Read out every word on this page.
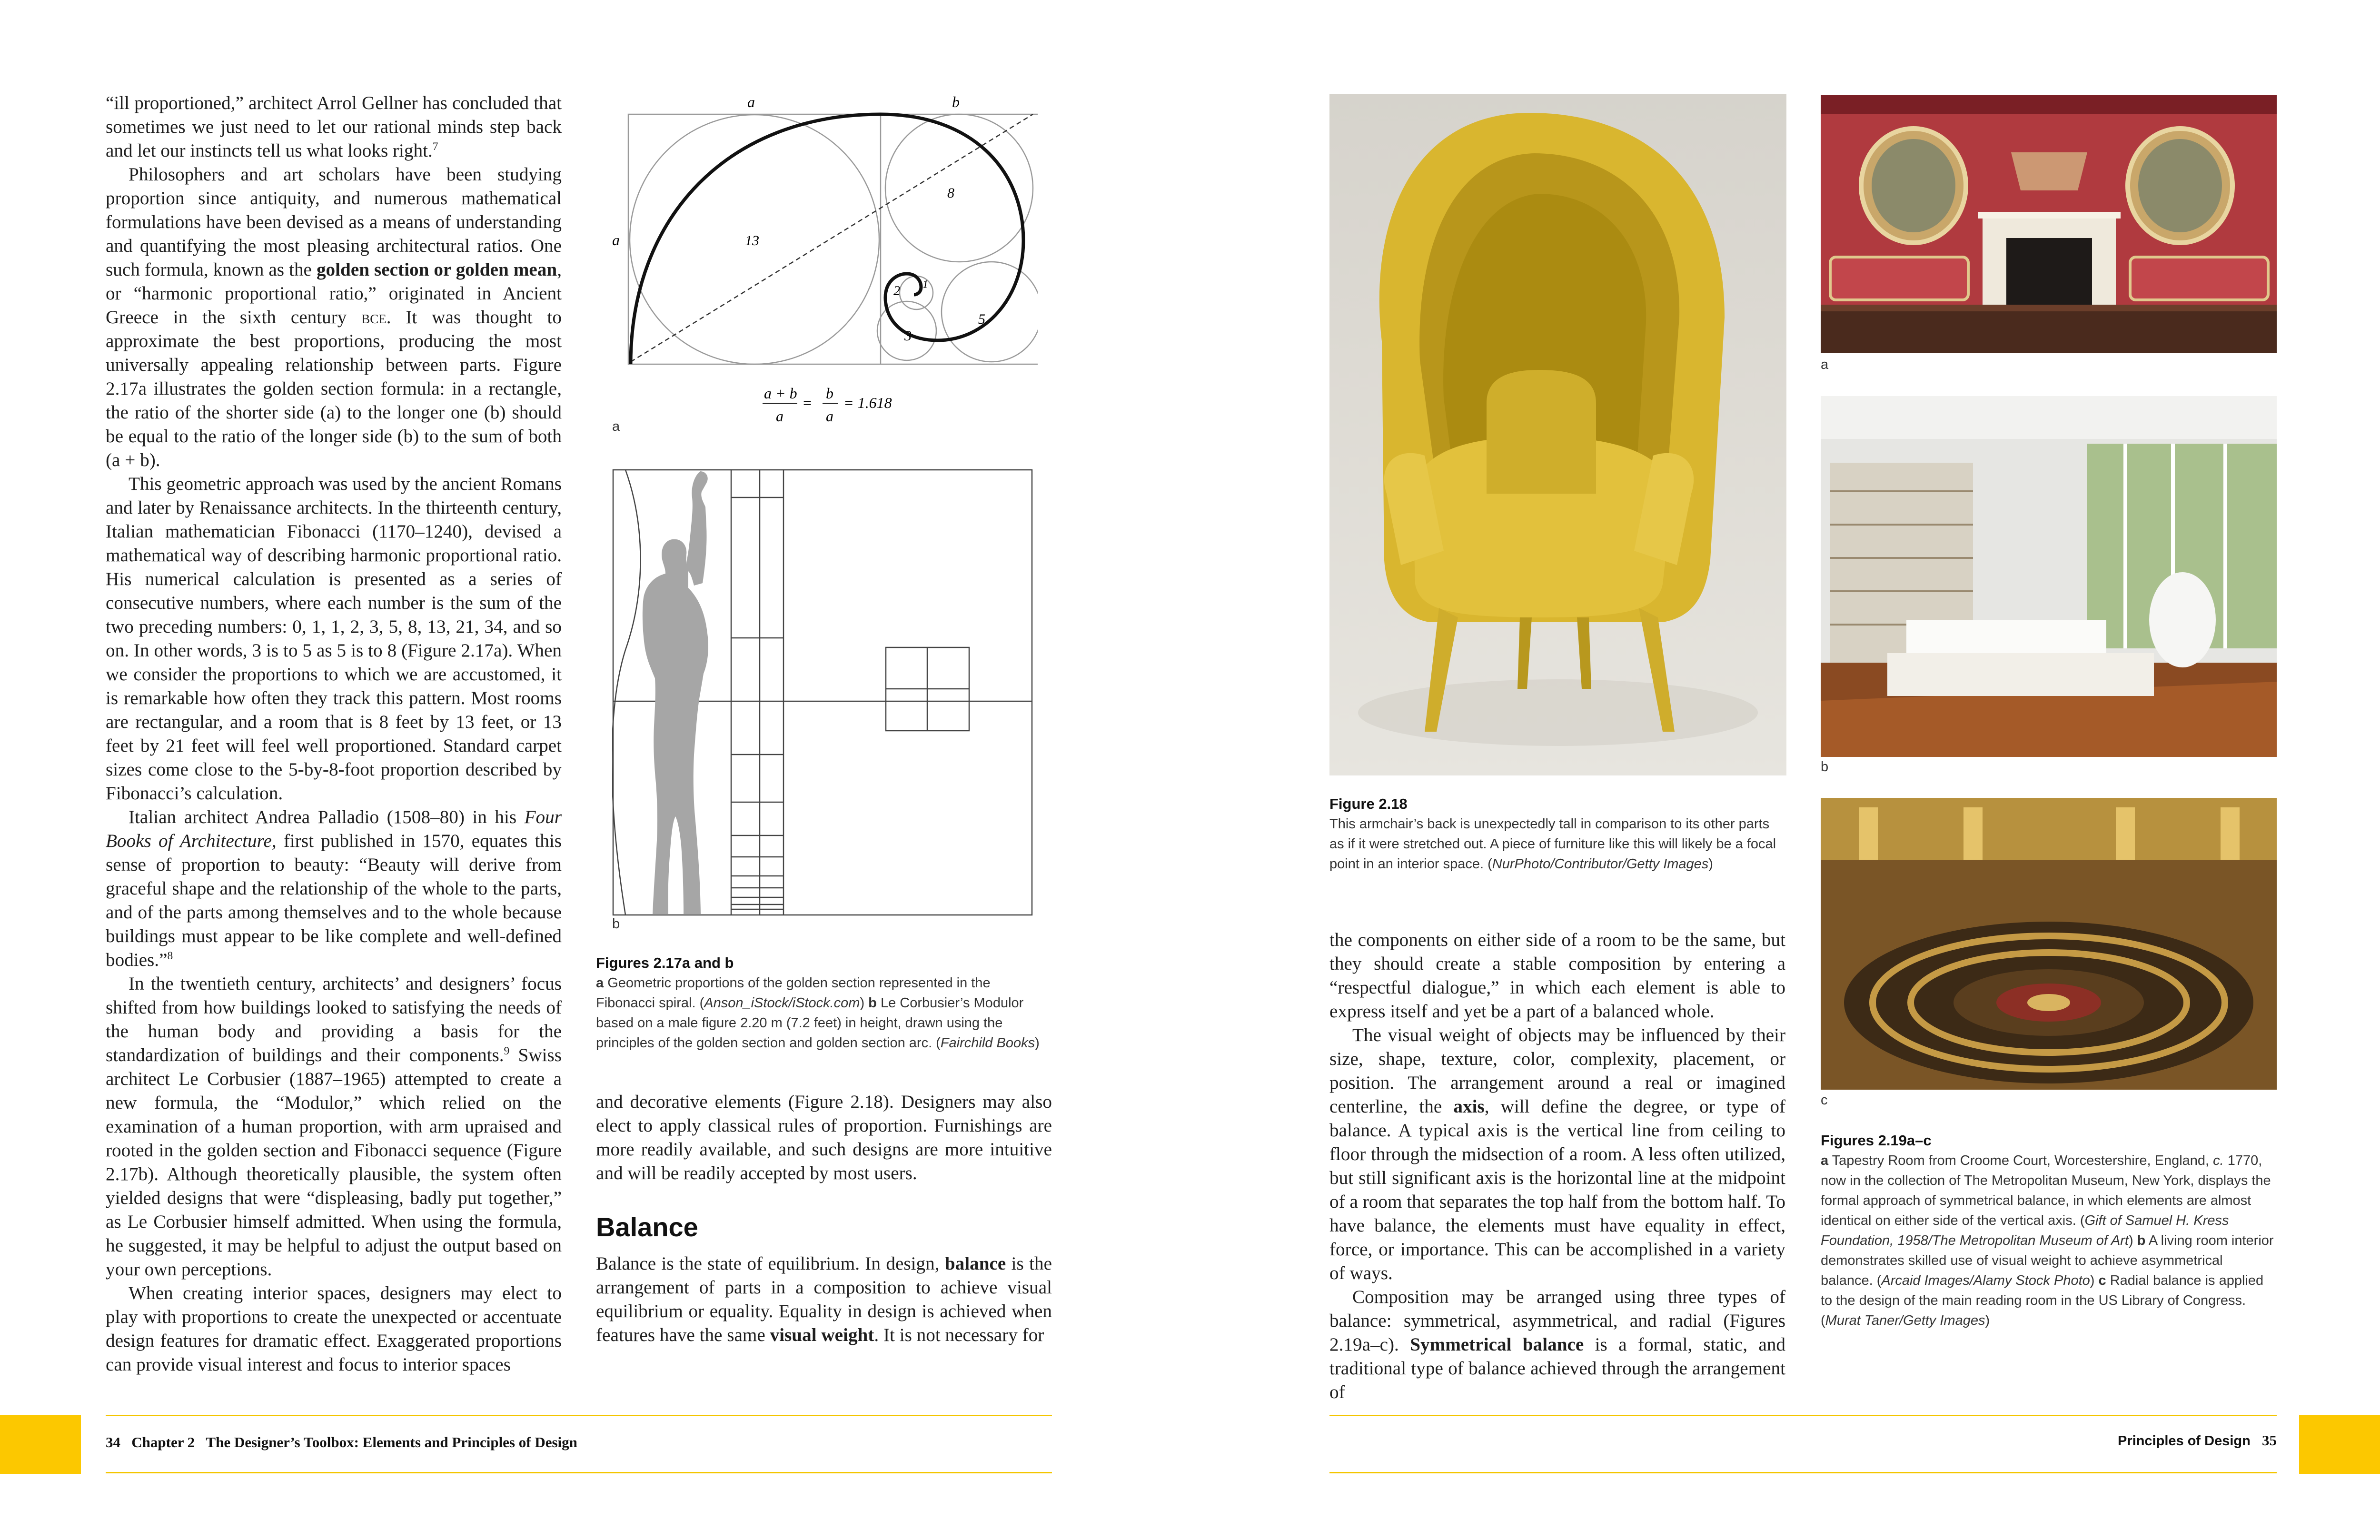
“ill proportioned,” architect Arrol Gellner has concluded that sometimes we just need to let our rational minds step back and let our instincts tell us what looks right.$^7$

Philosophers and art scholars have been studying proportion since antiquity, and numerous mathematical formulations have been devised as a means of understanding and quantifying the most pleasing architectural ratios. One such formula, known as the golden section or golden mean, or “harmonic proportional ratio,” originated in Ancient Greece in the sixth century bce. It was thought to approximate the best proportions, producing the most universally appealing relationship between parts. Figure 2.17a illustrates the golden section formula: in a rectangle, the ratio of the shorter side (a) to the longer one (b) should be equal to the ratio of the longer side (b) to the sum of both (a + b).

This geometric approach was used by the ancient Romans and later by Renaissance architects. In the thirteenth century, Italian mathematician Fibonacci (1170–1240), devised a mathematical way of describing harmonic proportional ratio. His numerical calculation is presented as a series of consecutive numbers, where each number is the sum of the two preceding numbers: 0, 1, 1, 2, 3, 5, 8, 13, 21, 34, and so on. In other words, 3 is to 5 as 5 is to 8 (Figure 2.17a). When we consider the proportions to which we are accustomed, it is remarkable how often they track this pattern. Most rooms are rectangular, and a room that is 8 feet by 13 feet, or 13 feet by 21 feet will feel well proportioned. Standard carpet sizes come close to the 5-by-8-foot proportion described by Fibonacci’s calculation.

Italian architect Andrea Palladio (1508–80) in his Four Books of Architecture, first published in 1570, equates this sense of proportion to beauty: “Beauty will derive from graceful shape and the relationship of the whole to the parts, and of the parts among themselves and to the whole because buildings must appear to be like complete and well-defined bodies.”$^8$

In the twentieth century, architects’ and designers’ focus shifted from how buildings looked to satisfying the needs of the human body and providing a basis for the standardization of buildings and their components.$^9$ Swiss architect Le Corbusier (1887–1965) attempted to create a new formula, the “Modulor,” which relied on the examination of a human proportion, with arm upraised and rooted in the golden section and Fibonacci sequence (Figure 2.17b). Although theoretically plausible, the system often yielded designs that were “displeasing, badly put together,” as Le Corbusier himself admitted. When using the formula, he suggested, it may be helpful to adjust the output based on your own perceptions.

When creating interior spaces, designers may elect to play with proportions to create the unexpected or accentuate design features for dramatic effect. Exaggerated proportions can provide visual interest and focus to interior spaces

a	b
a	13
8
5
3
2 1
a + b
a
=
b
a
= 1.618
a
b
Figures 2.17a and b
a Geometric proportions of the golden section represented in the Fibonacci spiral. (Anson_iStock/iStock.com) b Le Corbusier’s Modulor based on a male figure 2.20 m (7.2 feet) in height, drawn using the principles of the golden section and golden section arc. (Fairchild Books)

and decorative elements (Figure 2.18). Designers may also elect to apply classical rules of proportion. Furnishings are more readily available, and such designs are more intuitive and will be readily accepted by most users.

Balance

Balance is the state of equilibrium. In design, balance is the arrangement of parts in a composition to achieve visual equilibrium or equality. Equality in design is achieved when features have the same visual weight. It is not necessary for

34 Chapter 2 The Designer’s Toolbox: Elements and Principles of Design
Figure 2.18
This armchair’s back is unexpectedly tall in comparison to its other parts as if it were stretched out. A piece of furniture like this will likely be a focal point in an interior space. (NurPhoto/Contributor/Getty Images)

the components on either side of a room to be the same, but they should create a stable composition by entering a “respectful dialogue,” in which each element is able to express itself and yet be a part of a balanced whole.

The visual weight of objects may be influenced by their size, shape, texture, color, complexity, placement, or position. The arrangement around a real or imagined centerline, the axis, will define the degree, or type of balance. A typical axis is the vertical line from ceiling to floor through the midsection of a room. A less often utilized, but still significant axis is the horizontal line at the midpoint of a room that separates the top half from the bottom half. To have balance, the elements must have equality in effect, force, or importance. This can be accomplished in a variety of ways.

Composition may be arranged using three types of balance: symmetrical, asymmetrical, and radial (Figures 2.19a–c). Symmetrical balance is a formal, static, and traditional type of balance achieved through the arrangement of

a
b
c
Figures 2.19a–c
a Tapestry Room from Croome Court, Worcestershire, England, c. 1770, now in the collection of The Metropolitan Museum, New York, displays the formal approach of symmetrical balance, in which elements are almost identical on either side of the vertical axis. (Gift of Samuel H. Kress Foundation, 1958/The Metropolitan Museum of Art) b A living room interior demonstrates skilled use of visual weight to achieve asymmetrical balance. (Arcaid Images/Alamy Stock Photo) c Radial balance is applied to the design of the main reading room in the US Library of Congress. (Murat Taner/Getty Images)
Principles of Design 35
